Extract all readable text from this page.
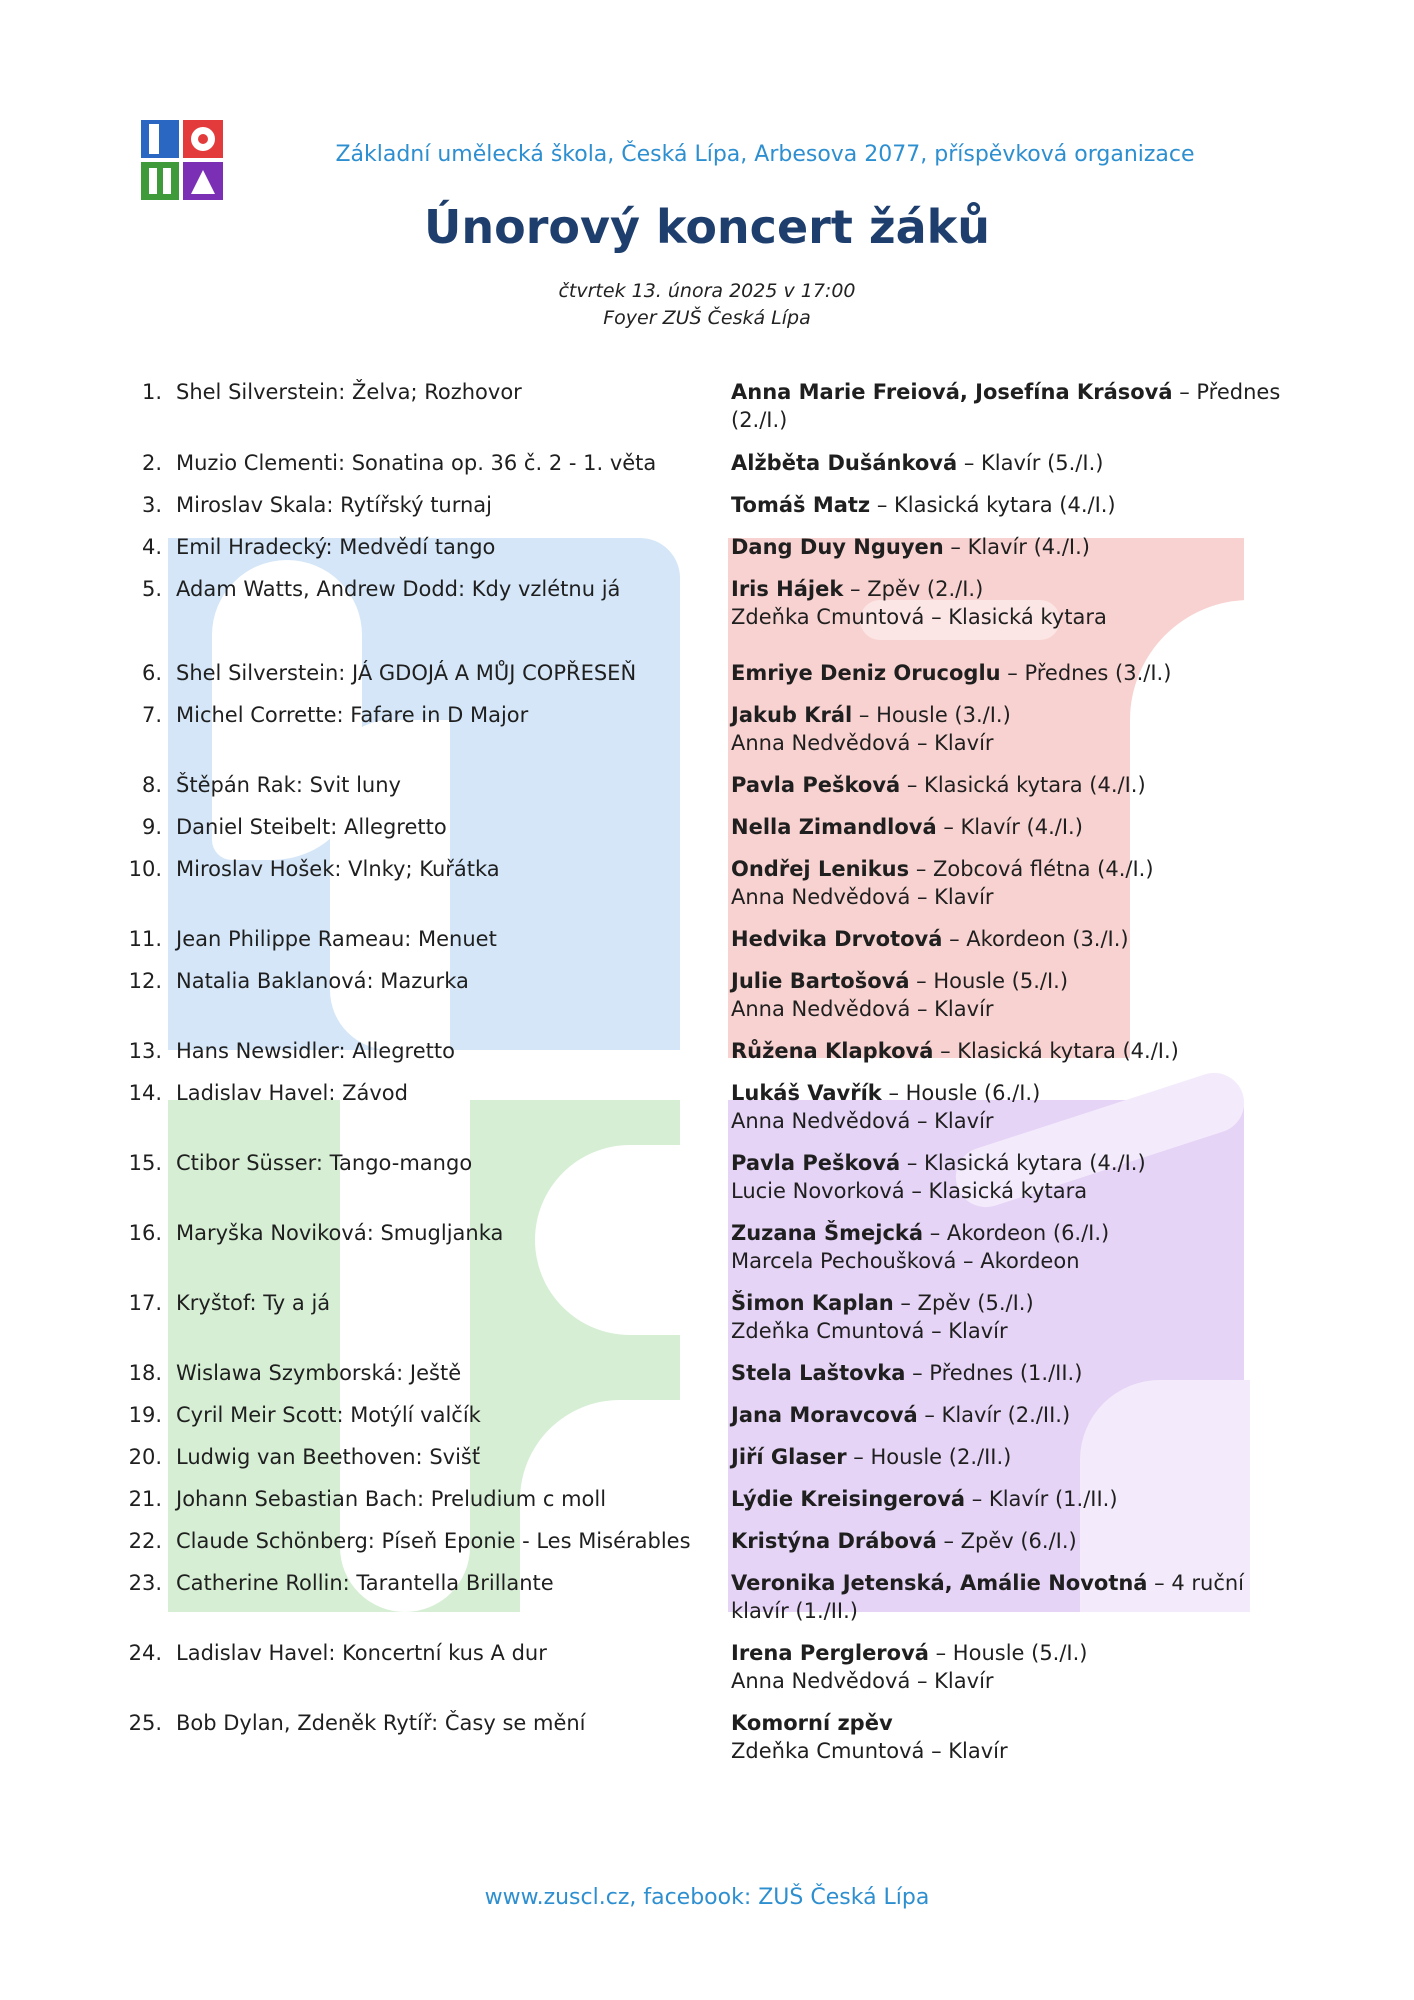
Základní umělecká škola, Česká Lípa, Arbesova 2077, příspěvková organizace
Únorový koncert žáků
čtvrtek 13. února 2025 v 17:00
Foyer ZUŠ Česká Lípa
1. Shel Silverstein: Želva; Rozhovor	Anna Marie Freiová, Josefína Krásová – Přednes (2./I.)
2. Muzio Clementi: Sonatina op. 36 č. 2 - 1. věta	Alžběta Dušánková – Klavír (5./I.)
3. Miroslav Skala: Rytířský turnaj	Tomáš Matz – Klasická kytara (4./I.)
4. Emil Hradecký: Medvědí tango	Dang Duy Nguyen – Klavír (4./I.)
5. Adam Watts, Andrew Dodd: Kdy vzlétnu já	Iris Hájek – Zpěv (2./I.)
Zdeňka Cmuntová – Klasická kytara
6. Shel Silverstein: JÁ GDOJÁ A MŮJ COPŘESEŇ	Emriye Deniz Orucoglu – Přednes (3./I.)
7. Michel Corrette: Fafare in D Major	Jakub Král – Housle (3./I.)
Anna Nedvědová – Klavír
8. Štěpán Rak: Svit luny	Pavla Pešková – Klasická kytara (4./I.)
9. Daniel Steibelt: Allegretto	Nella Zimandlová – Klavír (4./I.)
10. Miroslav Hošek: Vlnky; Kuřátka	Ondřej Lenikus – Zobcová flétna (4./I.)
Anna Nedvědová – Klavír
11. Jean Philippe Rameau: Menuet	Hedvika Drvotová – Akordeon (3./I.)
12. Natalia Baklanová: Mazurka	Julie Bartošová – Housle (5./I.)
Anna Nedvědová – Klavír
13. Hans Newsidler: Allegretto	Růžena Klapková – Klasická kytara (4./I.)
14. Ladislav Havel: Závod	Lukáš Vavřík – Housle (6./I.)
Anna Nedvědová – Klavír
15. Ctibor Süsser: Tango-mango	Pavla Pešková – Klasická kytara (4./I.)
Lucie Novorková – Klasická kytara
16. Maryška Noviková: Smugljanka	Zuzana Šmejcká – Akordeon (6./I.)
Marcela Pechoušková – Akordeon
17. Kryštof: Ty a já	Šimon Kaplan – Zpěv (5./I.)
Zdeňka Cmuntová – Klavír
18. Wislawa Szymborská: Ještě	Stela Laštovka – Přednes (1./II.)
19. Cyril Meir Scott: Motýlí valčík	Jana Moravcová – Klavír (2./II.)
20. Ludwig van Beethoven: Svišť	Jiří Glaser – Housle (2./II.)
21. Johann Sebastian Bach: Preludium c moll	Lýdie Kreisingerová – Klavír (1./II.)
22. Claude Schönberg: Píseň Eponie - Les Misérables	Kristýna Drábová – Zpěv (6./I.)
23. Catherine Rollin: Tarantella Brillante	Veronika Jetenská, Amálie Novotná – 4 ruční klavír (1./II.)
24. Ladislav Havel: Koncertní kus A dur	Irena Perglerová – Housle (5./I.)
Anna Nedvědová – Klavír
25. Bob Dylan, Zdeněk Rytíř: Časy se mění	Komorní zpěv
Zdeňka Cmuntová – Klavír
www.zuscl.cz, facebook: ZUŠ Česká Lípa
